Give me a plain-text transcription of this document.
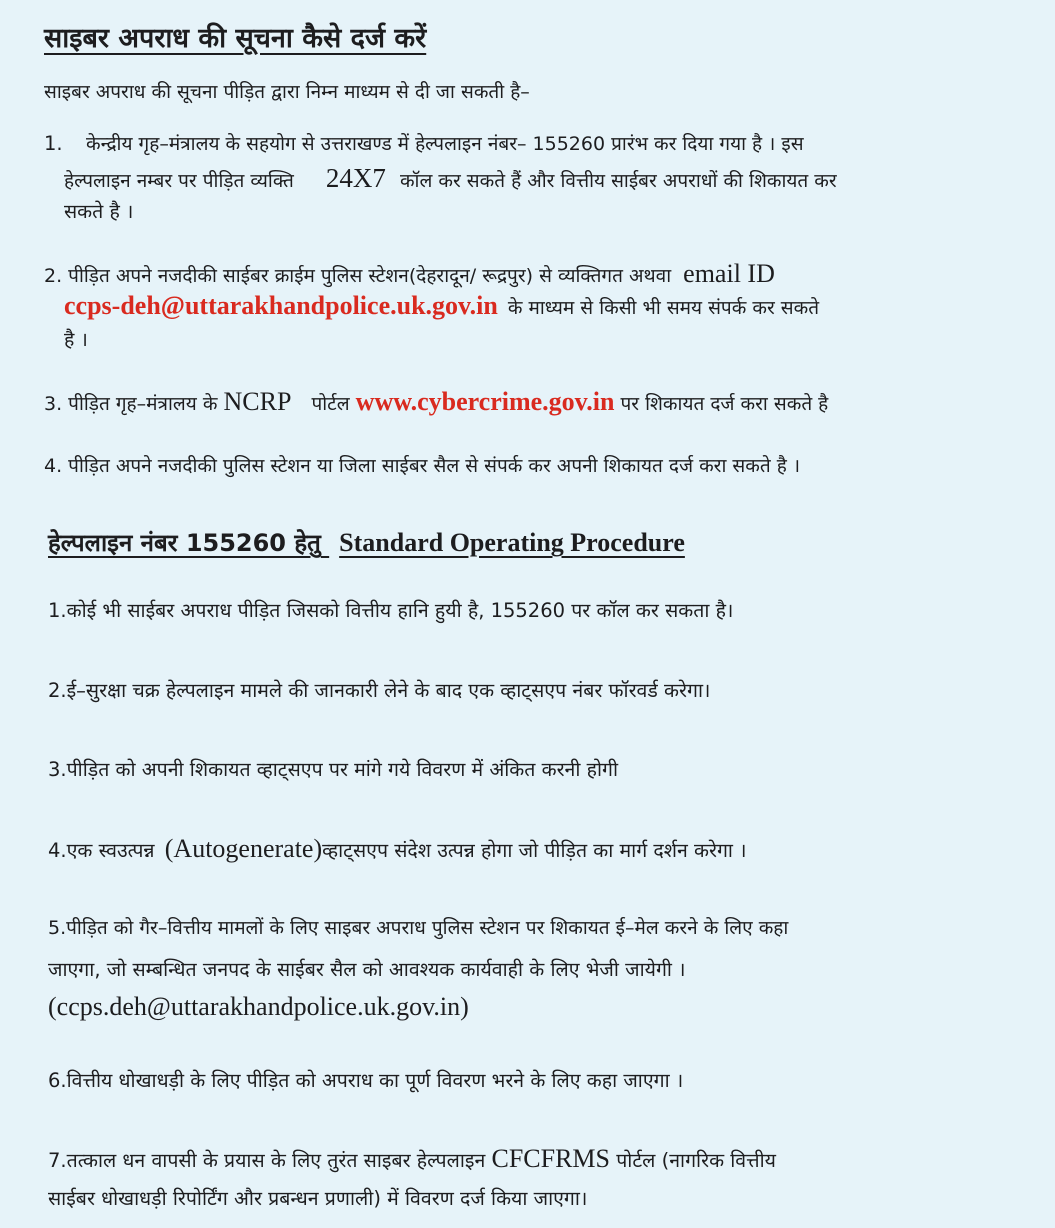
साइबर अपराध की सूचना कैसे दर्ज करें
साइबर अपराध की सूचना पीड़ित द्वारा निम्न माध्यम से दी जा सकती है–
1. केन्द्रीय गृह–मंत्रालय के सहयोग से उत्तराखण्ड में हेल्पलाइन नंबर– 155260 प्रारंभ कर दिया गया है । इस
हेल्पलाइन नम्बर पर पीड़ित व्यक्ति 24X7 कॉल कर सकते हैं और वित्तीय साईबर अपराधों की शिकायत कर
सकते है ।
2. पीड़ित अपने नजदीकी साईबर क्राईम पुलिस स्टेशन(देहरादून/ रूद्रपुर) से व्यक्तिगत अथवा email ID
ccps-deh@uttarakhandpolice.uk.gov.in के माध्यम से किसी भी समय संपर्क कर सकते
है ।
3. पीड़ित गृह–मंत्रालय के NCRP पोर्टल www.cybercrime.gov.in पर शिकायत दर्ज करा सकते है
4. पीड़ित अपने नजदीकी पुलिस स्टेशन या जिला साईबर सैल से संपर्क कर अपनी शिकायत दर्ज करा सकते है ।
हेल्पलाइन नंबर 155260 हेतु Standard Operating Procedure
1.कोई भी साईबर अपराध पीड़ित जिसको वित्तीय हानि हुयी है, 155260 पर कॉल कर सकता है।
2.ई–सुरक्षा चक्र हेल्पलाइन मामले की जानकारी लेने के बाद एक व्हाट्सएप नंबर फॉरवर्ड करेगा।
3.पीड़ित को अपनी शिकायत व्हाट्सएप पर मांगे गये विवरण में अंकित करनी होगी
4.एक स्वउत्पन्न (Autogenerate)व्हाट्सएप संदेश उत्पन्न होगा जो पीड़ित का मार्ग दर्शन करेगा ।
5.पीड़ित को गैर–वित्तीय मामलों के लिए साइबर अपराध पुलिस स्टेशन पर शिकायत ई–मेल करने के लिए कहा
जाएगा, जो सम्बन्धित जनपद के साईबर सैल को आवश्यक कार्यवाही के लिए भेजी जायेगी ।
(ccps.deh@uttarakhandpolice.uk.gov.in)
6.वित्तीय धोखाधड़ी के लिए पीड़ित को अपराध का पूर्ण विवरण भरने के लिए कहा जाएगा ।
7.तत्काल धन वापसी के प्रयास के लिए तुरंत साइबर हेल्पलाइन CFCFRMS पोर्टल (नागरिक वित्तीय
साईबर धोखाधड़ी रिपोर्टिंग और प्रबन्धन प्रणाली) में विवरण दर्ज किया जाएगा।
